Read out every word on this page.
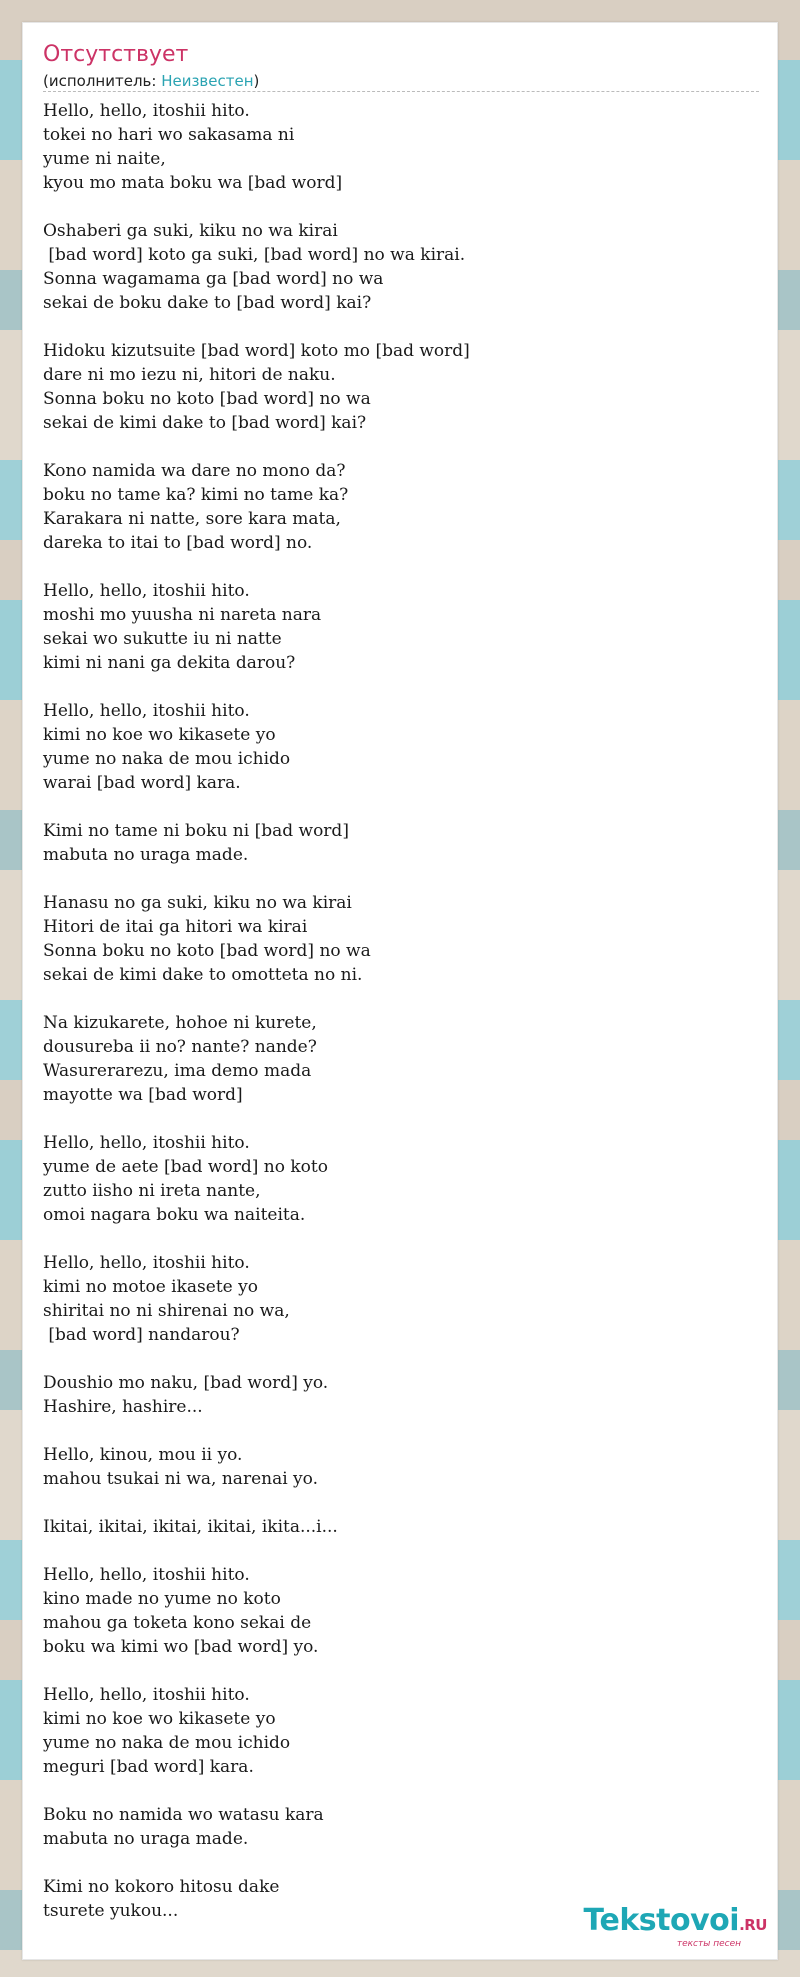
Отсутствует
(исполнитель: Неизвестен)
Hello, hello, itoshii hito.
tokei no hari wo sakasama ni
yume ni naite,
kyou mo mata boku wa [bad word]
Oshaberi ga suki, kiku no wa kirai
[bad word] koto ga suki, [bad word] no wa kirai.
Sonna wagamama ga [bad word] no wa
sekai de boku dake to [bad word] kai?
Hidoku kizutsuite [bad word] koto mo [bad word]
dare ni mo iezu ni, hitori de naku.
Sonna boku no koto [bad word] no wa
sekai de kimi dake to [bad word] kai?
Kono namida wa dare no mono da?
boku no tame ka? kimi no tame ka?
Karakara ni natte, sore kara mata,
dareka to itai to [bad word] no.
Hello, hello, itoshii hito.
moshi mo yuusha ni nareta nara
sekai wo sukutte iu ni natte
kimi ni nani ga dekita darou?
Hello, hello, itoshii hito.
kimi no koe wo kikasete yo
yume no naka de mou ichido
warai [bad word] kara.
Kimi no tame ni boku ni [bad word]
mabuta no uraga made.
Hanasu no ga suki, kiku no wa kirai
Hitori de itai ga hitori wa kirai
Sonna boku no koto [bad word] no wa
sekai de kimi dake to omotteta no ni.
Na kizukarete, hohoe ni kurete,
dousureba ii no? nante? nande?
Wasurerarezu, ima demo mada
mayotte wa [bad word]
Hello, hello, itoshii hito.
yume de aete [bad word] no koto
zutto iisho ni ireta nante,
omoi nagara boku wa naiteita.
Hello, hello, itoshii hito.
kimi no motoe ikasete yo
shiritai no ni shirenai no wa,
[bad word] nandarou?
Doushio mo naku, [bad word] yo.
Hashire, hashire...
Hello, kinou, mou ii yo.
mahou tsukai ni wa, narenai yo.
Ikitai, ikitai, ikitai, ikitai, ikita...i...
Hello, hello, itoshii hito.
kino made no yume no koto
mahou ga toketa kono sekai de
boku wa kimi wo [bad word] yo.
Hello, hello, itoshii hito.
kimi no koe wo kikasete yo
yume no naka de mou ichido
meguri [bad word] kara.
Boku no namida wo watasu kara
mabuta no uraga made.
Kimi no kokoro hitosu dake
tsurete yukou...	Tekstovoi.RU
тексты песен
